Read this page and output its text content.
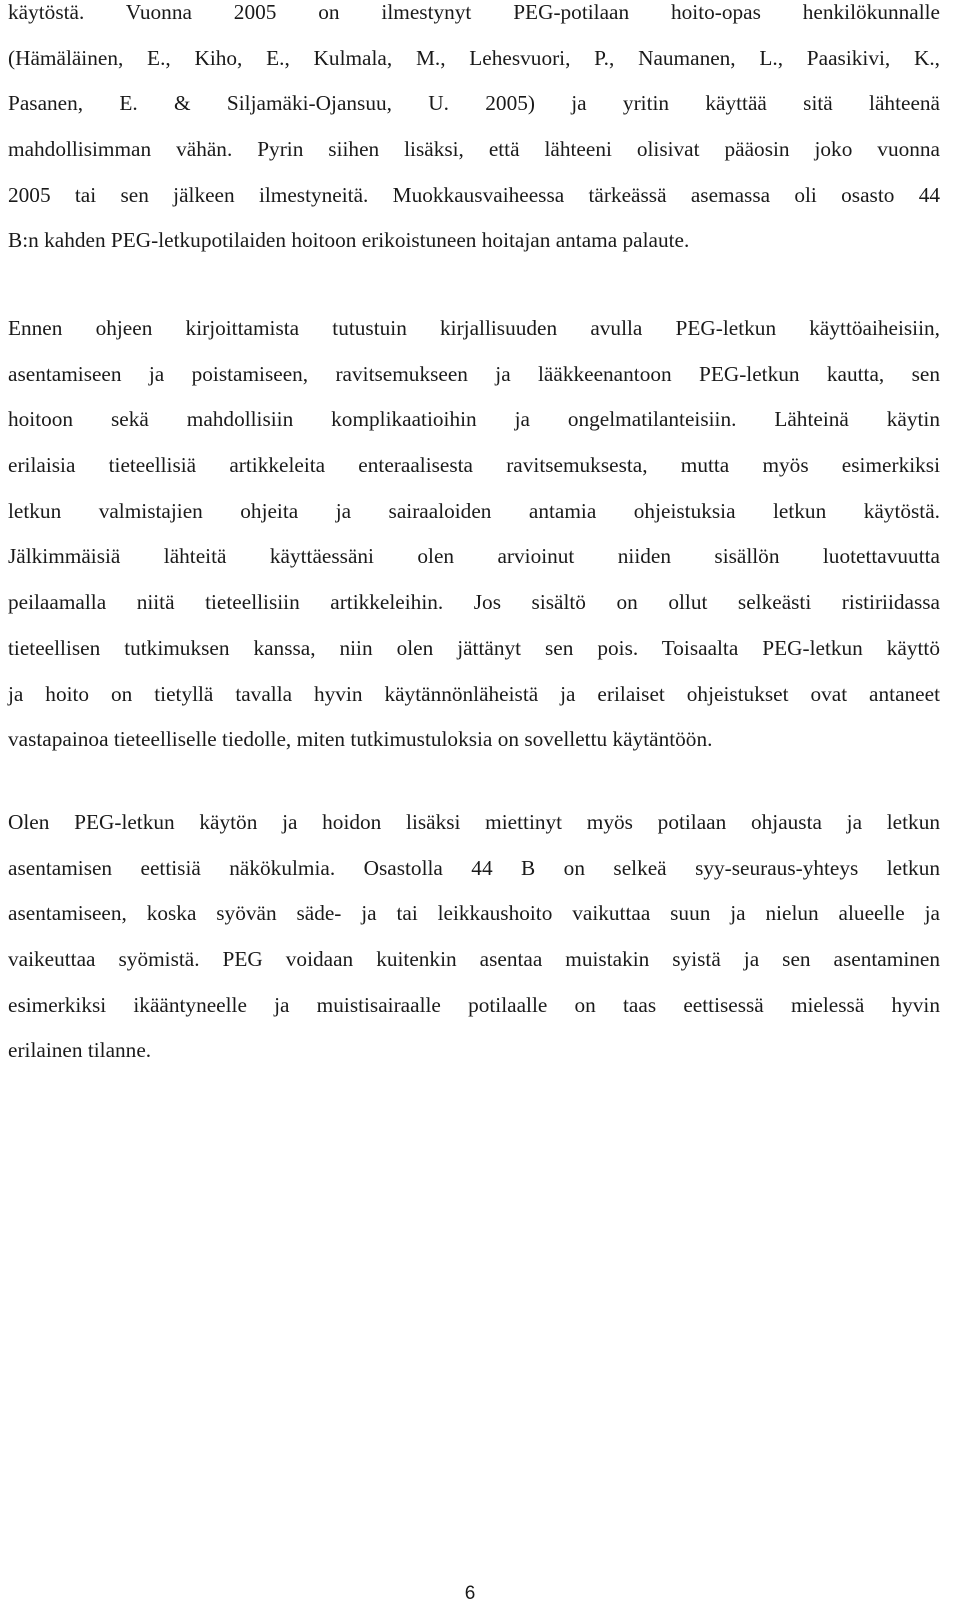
käytöstä. Vuonna 2005 on ilmestynyt PEG-potilaan hoito-opas henkilökunnalle
(Hämäläinen, E., Kiho, E., Kulmala, M., Lehesvuori, P., Naumanen, L., Paasikivi, K.,
Pasanen, E. & Siljamäki-Ojansuu, U. 2005) ja yritin käyttää sitä lähteenä
mahdollisimman vähän. Pyrin siihen lisäksi, että lähteeni olisivat pääosin joko vuonna
2005 tai sen jälkeen ilmestyneitä. Muokkausvaiheessa tärkeässä asemassa oli osasto 44
B:n kahden PEG-letkupotilaiden hoitoon erikoistuneen hoitajan antama palaute.
Ennen ohjeen kirjoittamista tutustuin kirjallisuuden avulla PEG-letkun käyttöaiheisiin,
asentamiseen ja poistamiseen, ravitsemukseen ja lääkkeenantoon PEG-letkun kautta, sen
hoitoon sekä mahdollisiin komplikaatioihin ja ongelmatilanteisiin. Lähteinä käytin
erilaisia tieteellisiä artikkeleita enteraalisesta ravitsemuksesta, mutta myös esimerkiksi
letkun valmistajien ohjeita ja sairaaloiden antamia ohjeistuksia letkun käytöstä.
Jälkimmäisiä lähteitä käyttäessäni olen arvioinut niiden sisällön luotettavuutta
peilaamalla niitä tieteellisiin artikkeleihin. Jos sisältö on ollut selkeästi ristiriidassa
tieteellisen tutkimuksen kanssa, niin olen jättänyt sen pois. Toisaalta PEG-letkun käyttö
ja hoito on tietyllä tavalla hyvin käytännönläheistä ja erilaiset ohjeistukset ovat antaneet
vastapainoa tieteelliselle tiedolle, miten tutkimustuloksia on sovellettu käytäntöön.
Olen PEG-letkun käytön ja hoidon lisäksi miettinyt myös potilaan ohjausta ja letkun
asentamisen eettisiä näkökulmia. Osastolla 44 B on selkeä syy-seuraus-yhteys letkun
asentamiseen, koska syövän säde- ja tai leikkaushoito vaikuttaa suun ja nielun alueelle ja
vaikeuttaa syömistä. PEG voidaan kuitenkin asentaa muistakin syistä ja sen asentaminen
esimerkiksi ikääntyneelle ja muistisairaalle potilaalle on taas eettisessä mielessä hyvin
erilainen tilanne.
6
